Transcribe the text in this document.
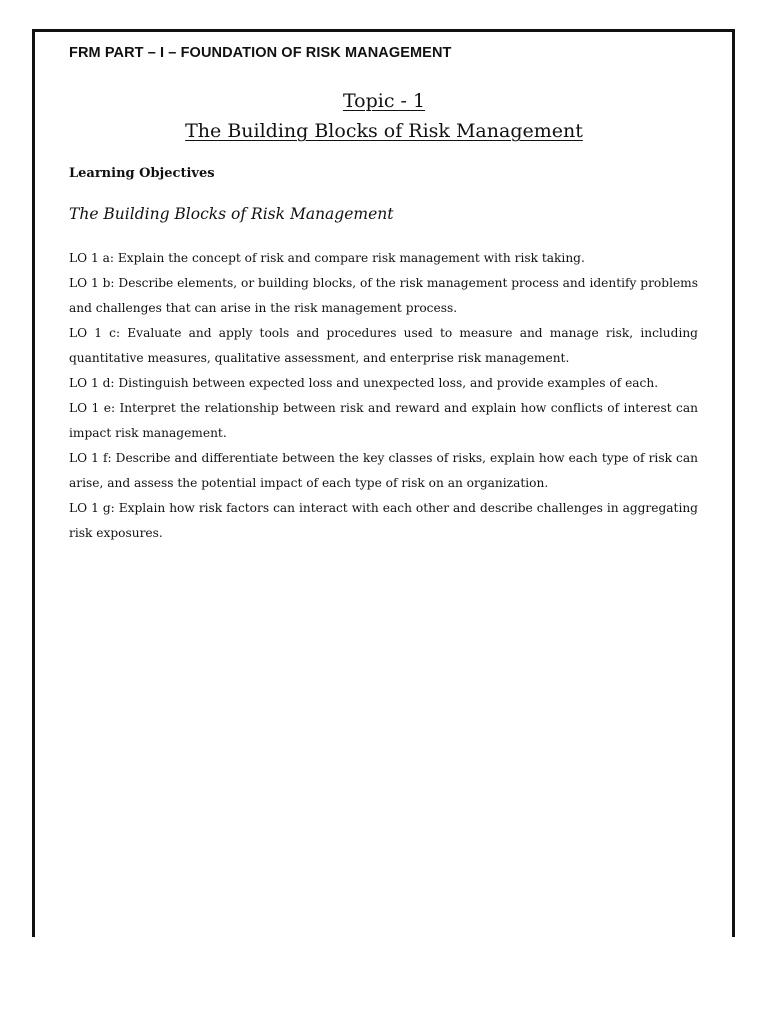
FRM PART – I – FOUNDATION OF RISK MANAGEMENT
Topic - 1
The Building Blocks of Risk Management
Learning Objectives
The Building Blocks of Risk Management
LO 1 a: Explain the concept of risk and compare risk management with risk taking.
LO 1 b: Describe elements, or building blocks, of the risk management process and identify problems and challenges that can arise in the risk management process.
LO 1 c: Evaluate and apply tools and procedures used to measure and manage risk, including quantitative measures, qualitative assessment, and enterprise risk management.
LO 1 d: Distinguish between expected loss and unexpected loss, and provide examples of each.
LO 1 e: Interpret the relationship between risk and reward and explain how conflicts of interest can impact risk management.
LO 1 f: Describe and differentiate between the key classes of risks, explain how each type of risk can arise, and assess the potential impact of each type of risk on an organization.
LO 1 g: Explain how risk factors can interact with each other and describe challenges in aggregating risk exposures.
